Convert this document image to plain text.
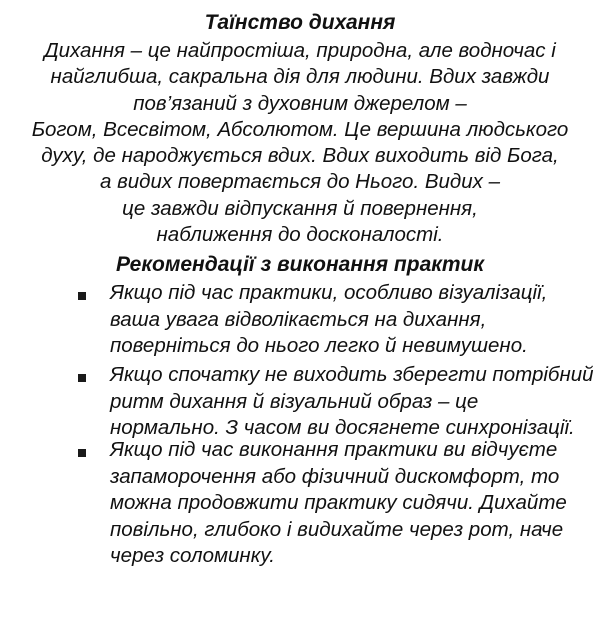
Таїнство дихання
Дихання – це найпростіша, природна, але водночас і
найглибша, сакральна дія для людини. Вдих завжди
пов’язаний з духовним джерелом –
Богом, Всесвітом, Абсолютом. Це вершина людського
духу, де народжується вдих. Вдих виходить від Бога,
а видих повертається до Нього. Видих –
це завжди відпускання й повернення,
наближення до досконалості.
Рекомендації з виконання практик
Якщо під час практики, особливо візуалізації,
ваша увага відволікається на дихання,
поверніться до нього легко й невимушено.
Якщо спочатку не виходить зберегти потрібний
ритм дихання й візуальний образ – це
нормально. З часом ви досягнете синхронізації.
Якщо під час виконання практики ви відчуєте
запаморочення або фізичний дискомфорт, то
можна продовжити практику сидячи. Дихайте
повільно, глибоко і видихайте через рот, наче
через соломинку.
